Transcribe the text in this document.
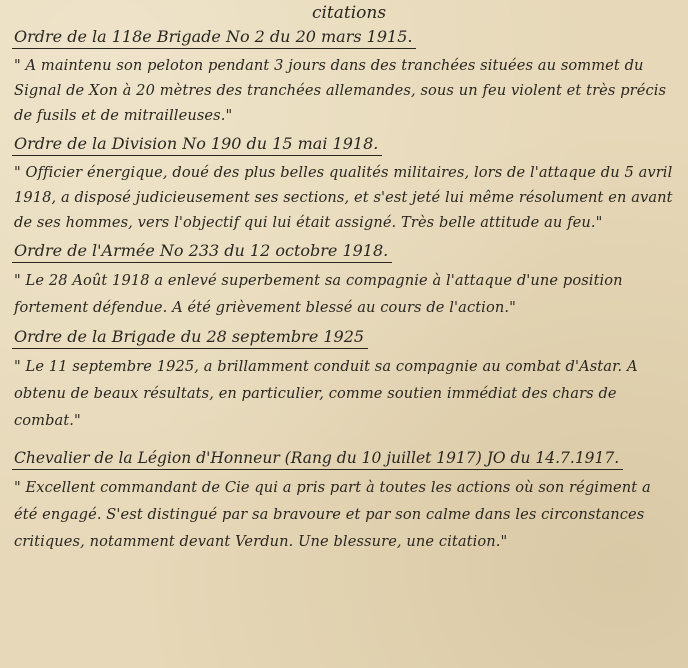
citations
Ordre de la 118e Brigade No 2 du 20 mars 1915.
" A maintenu son peloton pendant 3 jours dans des tranchées situées au sommet du Signal de Xon à 20 mètres des tranchées allemandes, sous un feu violent et très précis de fusils et de mitrailleuses."
Ordre de la Division No 190 du 15 mai 1918.
" Officier énergique, doué des plus belles qualités militaires, lors de l'attaque du 5 avril 1918, a disposé judicieusement ses sections, et s'est jeté lui même résolument en avant de ses hommes, vers l'objectif qui lui était assigné. Très belle attitude au feu."
Ordre de l'Armée No 233 du 12 octobre 1918.
" Le 28 Août 1918 a enlevé superbement sa compagnie à l'attaque d'une position fortement défendue. A été grièvement blessé au cours de l'action."
Ordre de la Brigade du 28 septembre 1925
" Le 11 septembre 1925, a brillamment conduit sa compagnie au combat d'Astar. A obtenu de beaux résultats, en particulier, comme soutien immédiat des chars de combat."
Chevalier de la Légion d'Honneur (Rang du 10 juillet 1917) JO du 14.7.1917.
" Excellent commandant de Cie qui a pris part à toutes les actions où son régiment a été engagé. S'est distingué par sa bravoure et par son calme dans les circonstances critiques, notamment devant Verdun. Une blessure, une citation."
